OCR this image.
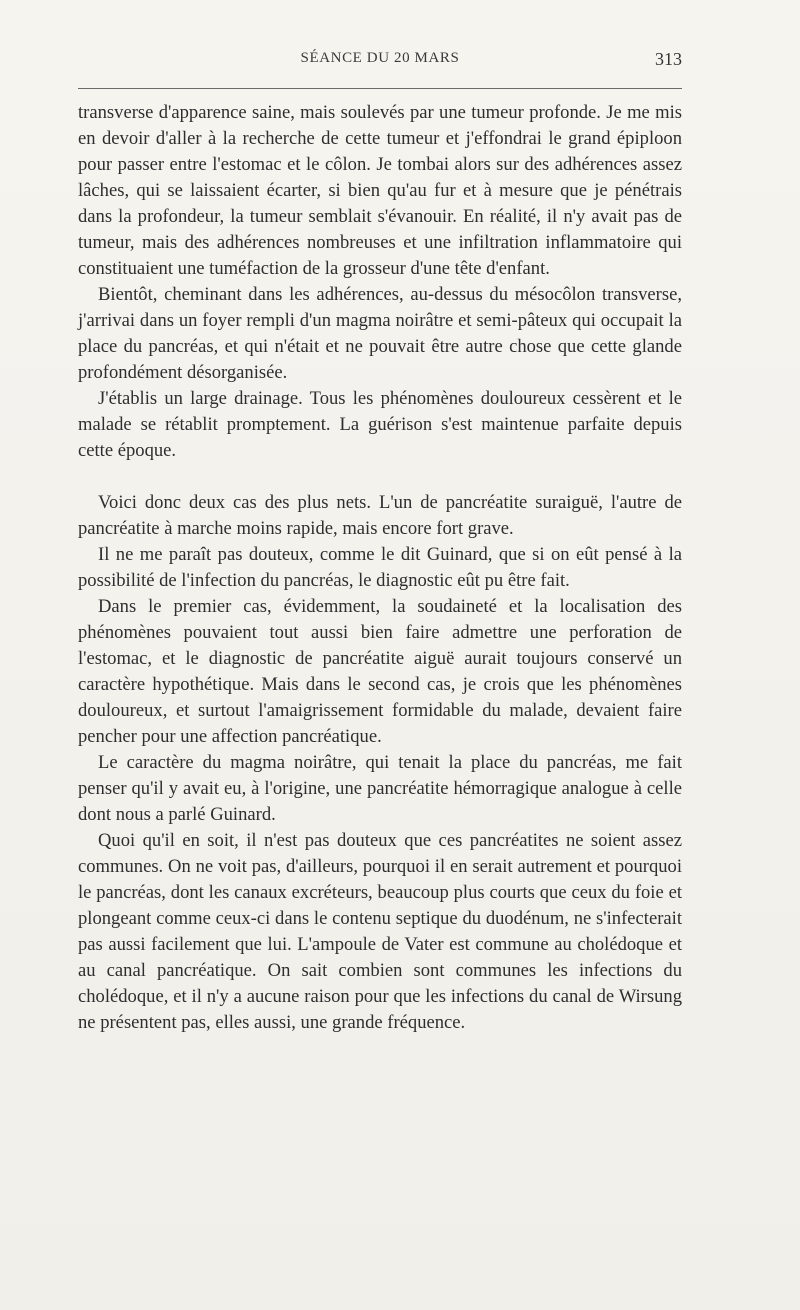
SÉANCE DU 20 MARS	313

transverse d'apparence saine, mais soulevés par une tumeur profonde. Je me mis en devoir d'aller à la recherche de cette tumeur et j'effondrai le grand épiploon pour passer entre l'estomac et le côlon. Je tombai alors sur des adhérences assez lâches, qui se laissaient écarter, si bien qu'au fur et à mesure que je pénétrais dans la profondeur, la tumeur semblait s'évanouir. En réalité, il n'y avait pas de tumeur, mais des adhérences nombreuses et une infiltration inflammatoire qui constituaient une tuméfaction de la grosseur d'une tête d'enfant.

Bientôt, cheminant dans les adhérences, au-dessus du mésocôlon transverse, j'arrivai dans un foyer rempli d'un magma noirâtre et semi-pâteux qui occupait la place du pancréas, et qui n'était et ne pouvait être autre chose que cette glande profondément désorganisée.

J'établis un large drainage. Tous les phénomènes douloureux cessèrent et le malade se rétablit promptement. La guérison s'est maintenue parfaite depuis cette époque.

Voici donc deux cas des plus nets. L'un de pancréatite suraiguë, l'autre de pancréatite à marche moins rapide, mais encore fort grave.

Il ne me paraît pas douteux, comme le dit Guinard, que si on eût pensé à la possibilité de l'infection du pancréas, le diagnostic eût pu être fait.

Dans le premier cas, évidemment, la soudaineté et la localisation des phénomènes pouvaient tout aussi bien faire admettre une perforation de l'estomac, et le diagnostic de pancréatite aiguë aurait toujours conservé un caractère hypothétique. Mais dans le second cas, je crois que les phénomènes douloureux, et surtout l'amaigrissement formidable du malade, devaient faire pencher pour une affection pancréatique.

Le caractère du magma noirâtre, qui tenait la place du pancréas, me fait penser qu'il y avait eu, à l'origine, une pancréatite hémorragique analogue à celle dont nous a parlé Guinard.

Quoi qu'il en soit, il n'est pas douteux que ces pancréatites ne soient assez communes. On ne voit pas, d'ailleurs, pourquoi il en serait autrement et pourquoi le pancréas, dont les canaux excréteurs, beaucoup plus courts que ceux du foie et plongeant comme ceux-ci dans le contenu septique du duodénum, ne s'infecterait pas aussi facilement que lui. L'ampoule de Vater est commune au cholédoque et au canal pancréatique. On sait combien sont communes les infections du cholédoque, et il n'y a aucune raison pour que les infections du canal de Wirsung ne présentent pas, elles aussi, une grande fréquence.
